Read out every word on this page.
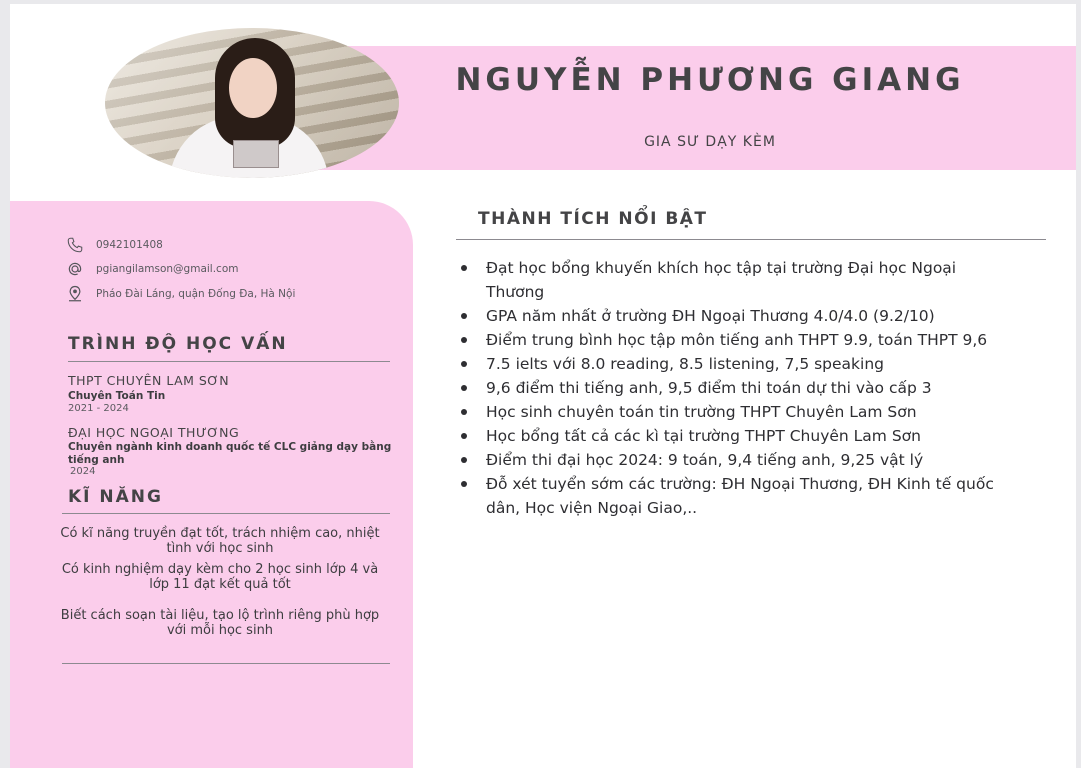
NGUYỄN PHƯƠNG GIANG
GIA SƯ DẠY KÈM
0942101408
pgiangilamson@gmail.com
Pháo Đài Láng, quận Đống Đa, Hà Nội
TRÌNH ĐỘ HỌC VẤN
THPT CHUYÊN LAM SƠN
Chuyên Toán Tin
2021 - 2024
ĐẠI HỌC NGOẠI THƯƠNG
Chuyên ngành kinh doanh quốc tế CLC giảng dạy bằng tiếng anh
2024
KĨ NĂNG
Có kĩ năng truyền đạt tốt, trách nhiệm cao, nhiệt tình với học sinh
Có kinh nghiệm dạy kèm cho 2 học sinh lớp 4 và lớp 11 đạt kết quả tốt
Biết cách soạn tài liệu, tạo lộ trình riêng phù hợp với mỗi học sinh
THÀNH TÍCH NỔI BẬT
Đạt học bổng khuyến khích học tập tại trường Đại học Ngoại Thương
GPA năm nhất ở trường ĐH Ngoại Thương 4.0/4.0 (9.2/10)
Điểm trung bình học tập môn tiếng anh THPT 9.9, toán THPT 9,6
7.5 ielts với 8.0 reading, 8.5 listening, 7,5 speaking
9,6 điểm thi tiếng anh, 9,5 điểm thi toán dự thi vào cấp 3
Học sinh chuyên toán tin trường THPT Chuyên Lam Sơn
Học bổng tất cả các kì tại trường THPT Chuyên Lam Sơn
Điểm thi đại học 2024: 9 toán, 9,4 tiếng anh, 9,25 vật lý
Đỗ xét tuyển sớm các trường: ĐH Ngoại Thương, ĐH Kinh tế quốc dân, Học viện Ngoại Giao,..
